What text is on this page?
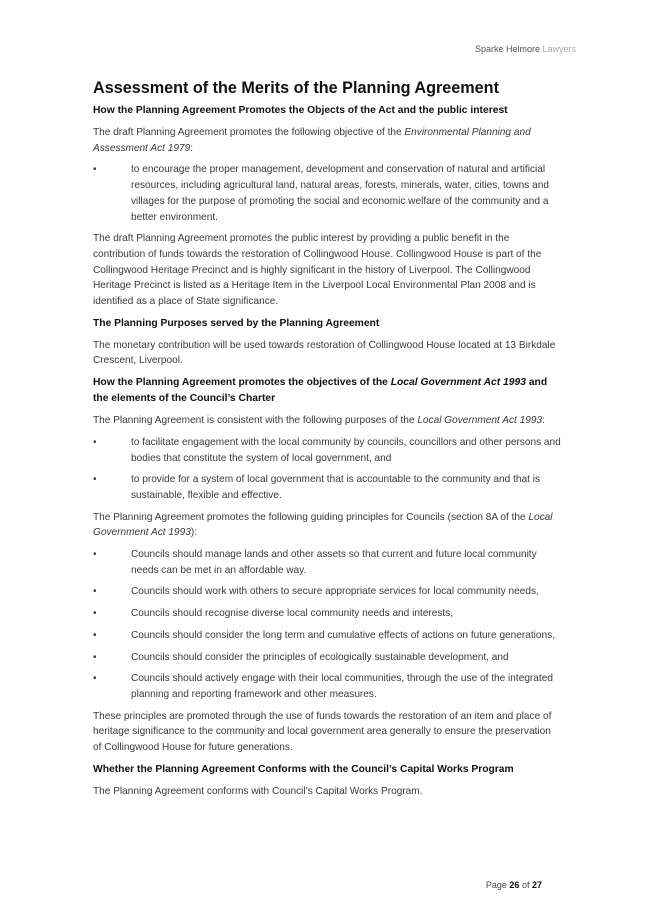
Sparke Helmore Lawyers
Assessment of the Merits of the Planning Agreement
How the Planning Agreement Promotes the Objects of the Act and the public interest

The draft Planning Agreement promotes the following objective of the Environmental Planning and Assessment Act 1979:

•	to encourage the proper management, development and conservation of natural and artificial resources, including agricultural land, natural areas, forests, minerals, water, cities, towns and villages for the purpose of promoting the social and economic welfare of the community and a better environment.

The draft Planning Agreement promotes the public interest by providing a public benefit in the contribution of funds towards the restoration of Collingwood House. Collingwood House is part of the Collingwood Heritage Precinct and is highly significant in the history of Liverpool. The Collingwood Heritage Precinct is listed as a Heritage Item in the Liverpool Local Environmental Plan 2008 and is identified as a place of State significance.

The Planning Purposes served by the Planning Agreement

The monetary contribution will be used towards restoration of Collingwood House located at 13 Birkdale Crescent, Liverpool.

How the Planning Agreement promotes the objectives of the Local Government Act 1993 and the elements of the Council’s Charter

The Planning Agreement is consistent with the following purposes of the Local Government Act 1993:

•	to facilitate engagement with the local community by councils, councillors and other persons and bodies that constitute the system of local government, and
•	to provide for a system of local government that is accountable to the community and that is sustainable, flexible and effective.

The Planning Agreement promotes the following guiding principles for Councils (section 8A of the Local Government Act 1993):

•	Councils should manage lands and other assets so that current and future local community needs can be met in an affordable way.
•	Councils should work with others to secure appropriate services for local community needs,
•	Councils should recognise diverse local community needs and interests,
•	Councils should consider the long term and cumulative effects of actions on future generations,
•	Councils should consider the principles of ecologically sustainable development, and
•	Councils should actively engage with their local communities, through the use of the integrated planning and reporting framework and other measures.

These principles are promoted through the use of funds towards the restoration of an item and place of heritage significance to the community and local government area generally to ensure the preservation of Collingwood House for future generations.

Whether the Planning Agreement Conforms with the Council’s Capital Works Program

The Planning Agreement conforms with Council’s Capital Works Program.

Page 26 of 27
